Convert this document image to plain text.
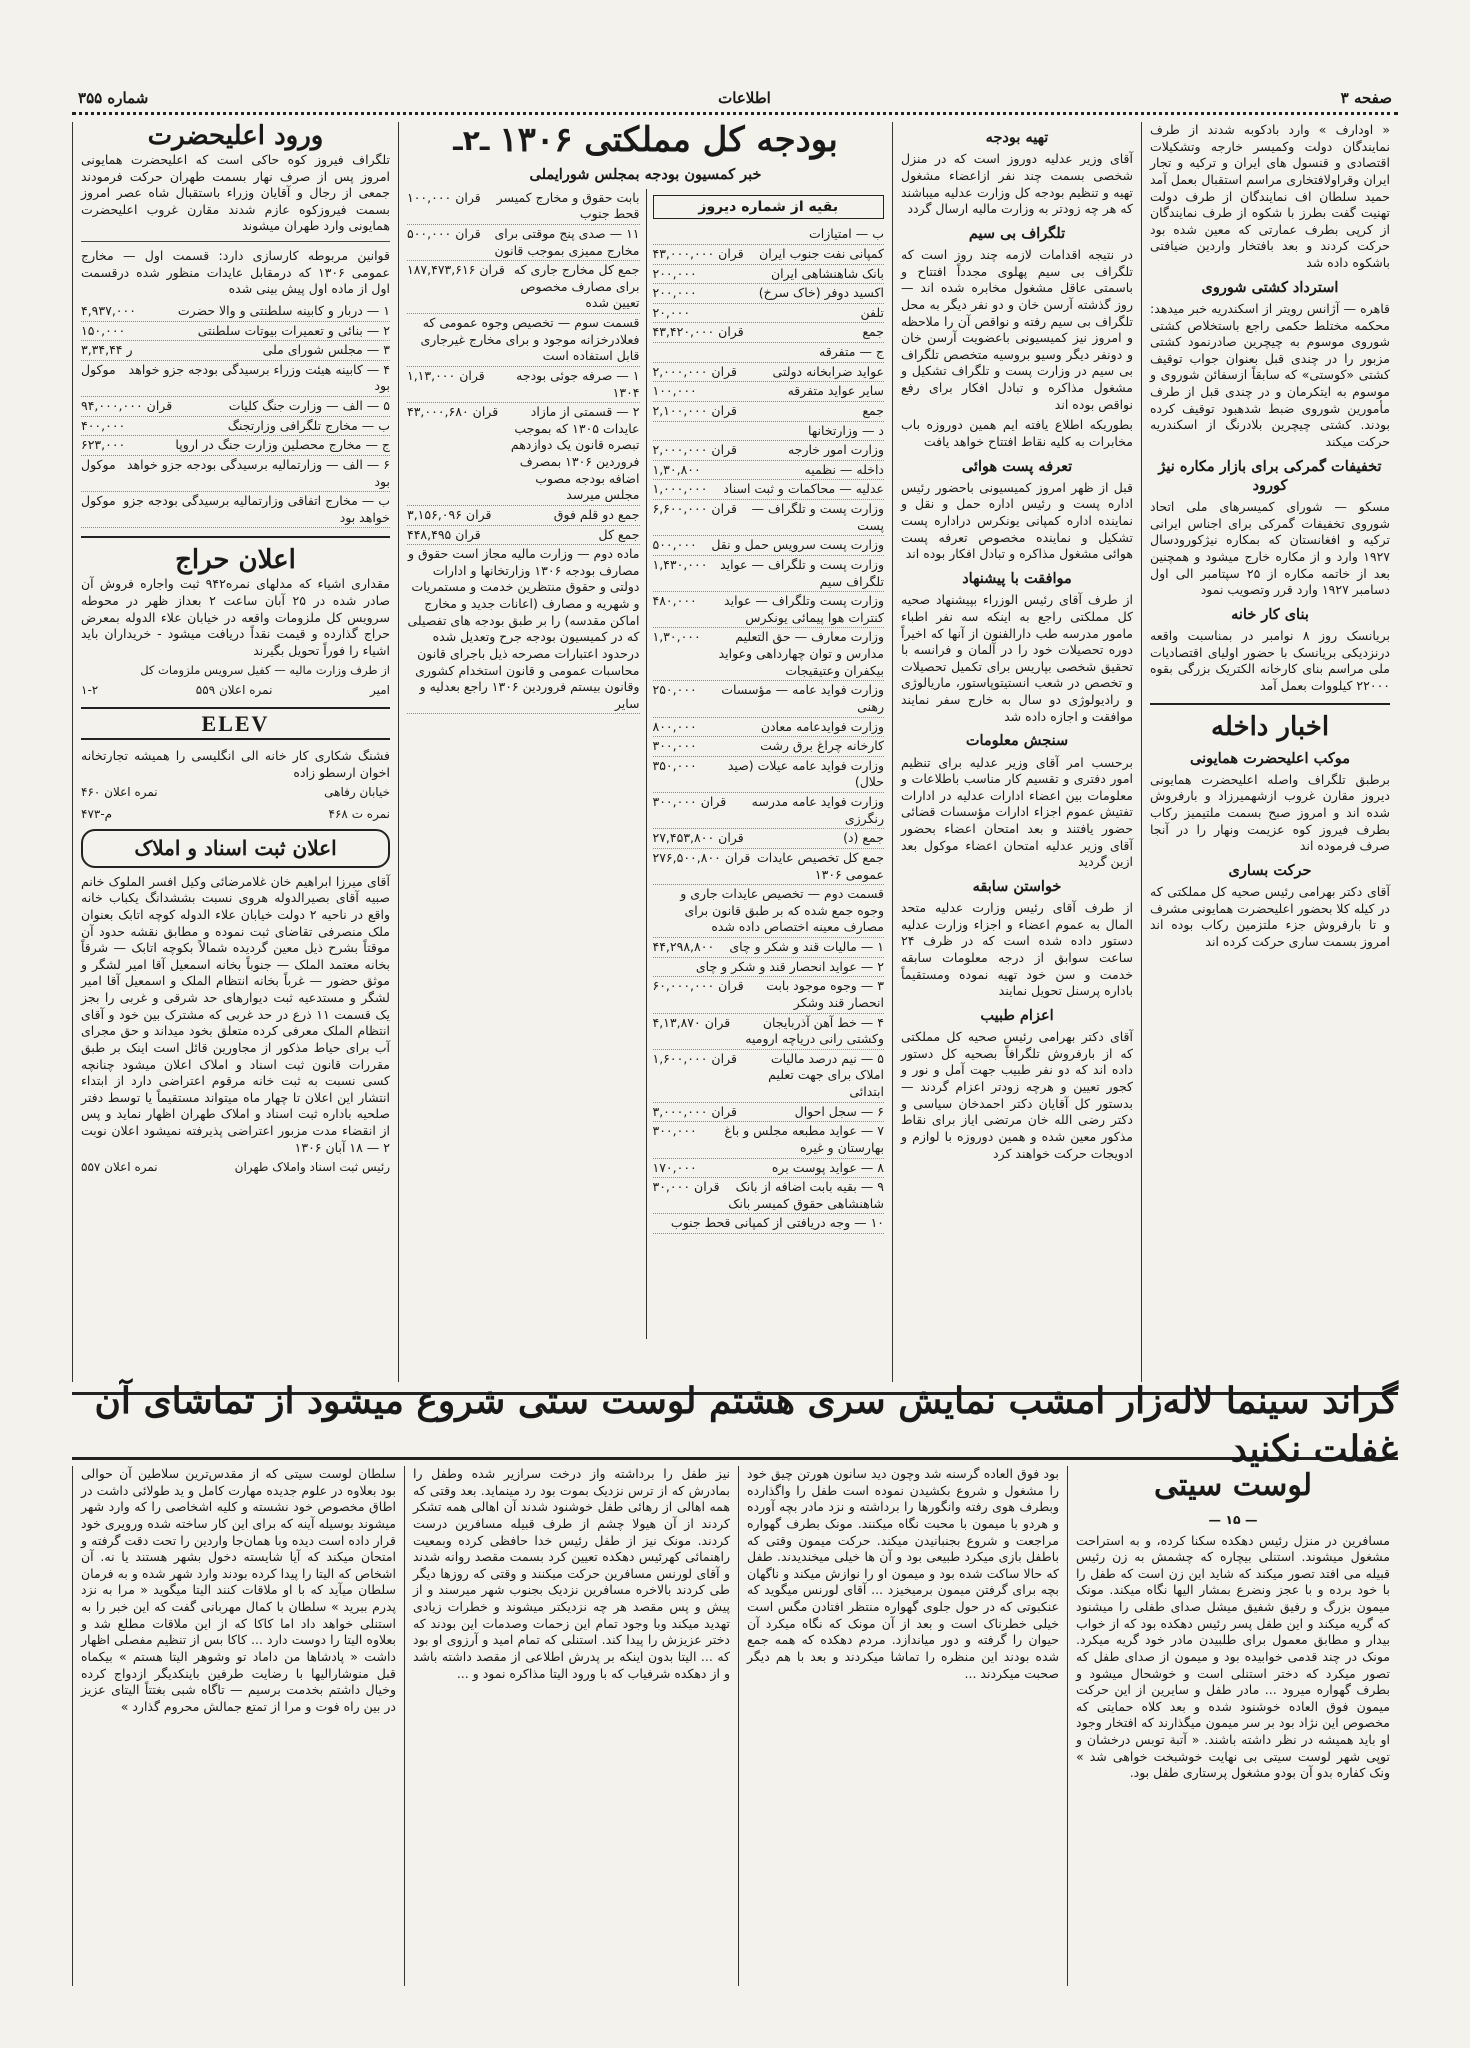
صفحه ۳
اطلاعات
شماره ۳۵۵

« اودارف » وارد بادکوبه شدند از طرف نمایندگان دولت وکمیسر خارجه وتشکیلات اقتصادی و قنسول های ایران و ترکیه و تجار ایران وقراولافتخاری مراسم استقبال بعمل آمد حمید سلطان اف نمایندگان از طرف دولت تهنیت گفت بطرز با شکوه از طرف نمایندگان از کرپی بطرف عمارتی که معین شده بود حرکت کردند و بعد بافتخار واردین ضیافتی باشکوه داده شد

استرداد کشتی شوروی

قاهره — آژانس رویتر از اسکندریه خبر میدهد: محکمه مختلط حکمی راجع باستخلاص کشتی شوروی موسوم به چیچرین صادرنمود کشتی مزبور را در چندی قبل بعنوان جواب توقیف کشتی «کوستی» که سابقاً ازسفائن شوروی و موسوم به ایتکرمان و در چندی قبل از طرف مأمورین شوروی ضبط شدهبود توقیف کرده بودند. کشتی چیچرین بلادرنگ از اسکندریه حرکت میکند

تخفیفات گمرکی برای بازار مکاره نیژ کورود

مسکو — شورای کمیسرهای ملی اتحاد شوروی تخفیفات گمرکی برای اجناس ایرانی ترکیه و افغانستان که بمکاره نیژکورودسال ۱۹۲۷ وارد و از مکاره خارج میشود و همچنین بعد از خاتمه مکاره از ۲۵ سپتامبر الی اول دسامبر ۱۹۲۷ وارد قرر وتصویب نمود

بنای کار خانه

بریانسک روز ۸ نوامبر در بمناسبت واقعه درنزدیکی بریانسک با حضور اولیای اقتصادیات ملی مراسم بنای کارخانه الکتریک بزرگی بقوه ۲۲۰۰۰ کیلووات بعمل آمد

اخبار داخله
موکب اعلیحضرت همایونی

برطبق تلگراف واصله اعلیحضرت همایونی دیروز مقارن غروب ازشهمیرزاد و بارفروش شده اند و امروز صبح بسمت ملتیمیز رکاب بطرف فیروز کوه عزیمت ونهار را در آنجا صرف فرموده اند

حرکت بساری

آقای دکتر بهرامی رئیس صحیه کل مملکتی که در کیله کلا بحضور اعلیحضرت همایونی مشرف و تا بارفروش جزء ملتزمین رکاب بوده اند امروز بسمت ساری حرکت کرده اند

تهیه بودجه

آقای وزیر عدلیه دوروز است که در منزل شخصی بسمت چند نفر ازاعضاء مشغول تهیه و تنظیم بودجه کل وزارت عدلیه میباشند که هر چه زودتر به وزارت مالیه ارسال گردد

تلگراف بی سیم

در نتیجه اقدامات لازمه چند روز است که تلگراف بی سیم پهلوی مجدداً افتتاح و باسمتی عاقل مشغول مخابره شده اند — روز گذشته آرسن خان و دو نفر دیگر به محل تلگراف بی سیم رفته و نواقص آن را ملاحظه و امروز نیز کمیسیونی باعضویت آرسن خان و دونفر دیگر وسیو بروسیه متخصص تلگراف بی سیم در وزارت پست و تلگراف تشکیل و مشغول مذاکره و تبادل افکار برای رفع نواقص بوده اند

بطوریکه اطلاع یافته ایم همین دوروزه باب مخابرات به کلیه نقاط افتتاح خواهد یافت

تعرفه پست هوائی

قبل از ظهر امروز کمیسیونی باحضور رئیس اداره پست و رئیس اداره حمل و نقل و نماینده اداره کمپانی یونکرس دراداره پست تشکیل و نماینده مخصوص تعرفه پست هوائی مشغول مذاکره و تبادل افکار بوده اند

موافقت با پیشنهاد

از طرف آقای رئیس الوزراء بپیشنهاد صحیه کل مملکتی راجع به اینکه سه نفر اطباء مامور مدرسه طب دارالفنون از آنها که اخیراً دوره تحصیلات خود را در آلمان و فرانسه با تحقیق شخصی بپاریس برای تکمیل تحصیلات و تخصص در شعب انستیتوپاستور، ماریالوژی و رادیولوژی دو سال به خارج سفر نمایند موافقت و اجازه داده شد

سنجش معلومات

برحسب امر آقای وزیر عدلیه برای تنظیم امور دفتری و تقسیم کار مناسب باطلاعات و معلومات بین اعضاء ادارات عدلیه در ادارات تفتیش عموم اجزاء ادارات مؤسسات قضائی حضور یافتند و بعد امتحان اعضاء بحضور آقای وزیر عدلیه امتحان اعضاء موکول بعد ازین گردید

خواستن سابقه

از طرف آقای رئیس وزارت عدلیه متحد المال به عموم اعضاء و اجزاء وزارت عدلیه دستور داده شده است که در ظرف ۲۴ ساعت سوابق از درجه معلومات سابقه خدمت و سن خود تهیه نموده ومستقیماً باداره پرسنل تحویل نمایند

اعزام طبیب

آقای دکتر بهرامی رئیس صحیه کل مملکتی که از بارفروش تلگرافاً بصحیه کل دستور داده اند که دو نفر طبیب جهت آمل و نور و کجور تعیین و هرچه زودتر اعزام گردند — بدستور کل آقایان دکتر احمدخان سیاسی و دکتر رضی الله خان مرتضی ایاز برای نقاط مذکور معین شده و همین دوروزه با لوازم و ادویجات حرکت خواهند کرد

بودجه کل مملکتی ۱۳۰۶
ـ۲ـ
خبر کمسیون بودجه بمجلس شورایملی
بقیه از شماره دیروز
ب — امتیازات
کمپانی نفت جنوب ایران
۴۳,۰۰۰,۰۰۰ قران
بانک شاهنشاهی ایران
۲۰۰,۰۰۰
اکسید دوفر (خاک سرخ)
۲۰۰,۰۰۰
تلفن
۲۰,۰۰۰
جمع
۴۳,۴۲۰,۰۰۰ قران
ج — متفرقه
عواید ضرابخانه دولتی
۲,۰۰۰,۰۰۰ قران
سایر عواید متفرقه
۱۰۰,۰۰۰
جمع
۲,۱۰۰,۰۰۰ قران
د — وزارتخانها
وزارت امور خارجه
۲,۰۰۰,۰۰۰ قران
داخله — نظمیه
۱,۳۰,۸۰۰
عدلیه — محاکمات و ثبت اسناد
۱,۰۰۰,۰۰۰
وزارت پست و تلگراف — پست
۶,۶۰۰,۰۰۰ قران
وزارت پست سرویس حمل و نقل
۵۰۰,۰۰۰
وزارت پست و تلگراف — عواید تلگراف سیم
۱,۴۳۰,۰۰۰
وزارت پست وتلگراف — عواید کنترات هوا پیمائی یونکرس
۴۸۰,۰۰۰
وزارت معارف — حق التعلیم مدارس و توان چهارداهی وعواید بیکفران وعتیقیجات
۱,۳۰,۰۰۰
وزارت فواید عامه — مؤسسات رهنی
۲۵۰,۰۰۰
وزارت فوایدعامه معادن
۸۰۰,۰۰۰
کارخانه چراغ برق رشت
۳۰۰,۰۰۰
وزارت فواید عامه عیلات (صید حلال)
۳۵۰,۰۰۰
وزارت فواید عامه مدرسه رنگرزی
۳۰۰,۰۰۰ قران
جمع (د)
۲۷,۴۵۳,۸۰۰ قران
جمع کل تخصیص عایدات عمومی ۱۳۰۶
۲۷۶,۵۰۰,۸۰۰ قران
قسمت دوم — تخصیص عایدات جاری و وجوه جمع شده که بر طبق قانون برای مصارف معینه اختصاص داده شده
۱ — مالیات قند و شکر و چای
۴۴,۲۹۸,۸۰۰
۲ — عواید انحصار قند و شکر و چای
۳ — وجوه موجود بابت انحصار قند وشکر
۶۰,۰۰۰,۰۰۰ قران
۴ — خط آهن آذربایجان وکشتی رانی دریاچه ارومیه
۴,۱۳,۸۷۰ قران
۵ — نیم درصد مالیات املاک برای جهت تعلیم ابتدائی
۱,۶۰۰,۰۰۰ قران
۶ — سجل احوال
۳,۰۰۰,۰۰۰ قران
۷ — عواید مطبعه مجلس و باغ بهارستان و غیره
۳۰۰,۰۰۰
۸ — عواید پوست بره
۱۷۰,۰۰۰
۹ — بقیه بابت اضافه از بانک شاهنشاهی حقوق کمیسر بانک
۳۰,۰۰۰ قران
۱۰ — وجه دریافتی از کمپانی قحط جنوب
بابت حقوق و مخارج کمیسر قحط جنوب
۱۰۰,۰۰۰ قران
۱۱ — صدی پنج موقتی برای مخارج ممیزی بموجب قانون
۵۰۰,۰۰۰ قران
جمع کل مخارج جاری که برای مصارف مخصوص تعیین شده
۱۸۷,۴۷۳,۶۱۶ قران
قسمت سوم — تخصیص وجوه عمومی که فعلادرخزانه موجود و برای مخارج غیرجاری قابل استفاده است
۱ — صرفه جوئی بودجه ۱۳۰۴
۱,۱۳,۰۰۰ قران
۲ — قسمتی از مازاد عایدات ۱۳۰۵ که بموجب تبصره قانون یک دوازدهم فروردین ۱۳۰۶ بمصرف اضافه بودجه مصوب مجلس میرسد
۴۳,۰۰۰,۶۸۰ قران
جمع دو قلم فوق
۳,۱۵۶,۰۹۶ قران
جمع کل
۴۴۸,۴۹۵ قران
ماده دوم — وزارت مالیه مجاز است حقوق و مصارف بودجه ۱۳۰۶ وزارتخانها و ادارات دولتی و حقوق منتظرین خدمت و مستمریات و شهریه و مصارف (اعانات جدید و مخارج اماکن مقدسه) را بر طبق بودجه های تفصیلی که در کمیسیون بودجه جرح وتعدیل شده درحدود اعتبارات مصرحه ذیل باجرای قانون محاسبات عمومی و قانون استخدام کشوری وقانون بیستم فروردین ۱۳۰۶ راجع بعدلیه و سایر
ورود اعلیحضرت

تلگراف فیروز کوه حاکی است که اعلیحضرت همایونی امروز پس از صرف نهار بسمت طهران حرکت فرمودند جمعی از رجال و آقایان وزراء باستقبال شاه عصر امروز بسمت فیروزکوه عازم شدند مقارن غروب اعلیحضرت همایونی وارد طهران میشوند

قوانین مربوطه کارسازی دارد: قسمت اول — مخارج عمومی ۱۳۰۶ که درمقابل عایدات منظور شده درقسمت اول از ماده اول پیش بینی شده

۱ — دربار و کابینه سلطنتی و والا حضرت
۴,۹۳۷,۰۰۰
۲ — بنائی و تعمیرات بیوتات سلطنتی
۱۵۰,۰۰۰
۳ — مجلس شورای ملی
۳,۳۴,۴۴ ر
۴ — کابینه هیئت وزراء برسیدگی بودجه جزو خواهد بود
موکول
۵ — الف — وزارت جنگ کلیات
۹۴,۰۰۰,۰۰۰ قران
ب — مخارج تلگرافی وزارتجنگ
۴۰۰,۰۰۰
ج — مخارج محصلین وزارت جنگ در اروپا
۶۲۳,۰۰۰
۶ — الف — وزارتمالیه برسیدگی بودجه جزو خواهد بود
موکول
ب — مخارج اتفاقی وزارتمالیه برسیدگی بودجه جزو خواهد بود
موکول
اعلان حراج

مقداری اشیاء که مدلهای نمره۹۴۲ ثبت واجاره فروش آن صادر شده در ۲۵ آبان ساعت ۲ بعداز ظهر در محوطه سرویس کل ملزومات واقعه در خیابان علاء الدوله بمعرض حراج گذارده و قیمت نقداً دریافت میشود - خریداران باید اشیاء را فوراً تحویل بگیرند

از طرف وزارت مالیه — کفیل سرویس ملزومات کل

امیر
نمره اعلان ۵۵۹
۱-۲
ELEV

فشنگ شکاری کار خانه الی انگلیسی را همیشه تجارتخانه اخوان ارسطو زاده

خیابان رفاهی
نمره اعلان ۴۶۰
نمره ت ۴۶۸
م-۴۷۳
اعلان ثبت اسناد و املاک

آقای میرزا ابراهیم خان غلامرضائی وکیل افسر الملوک خانم صبیه آقای بصیرالدوله هروی نسبت بششدانگ یکباب خانه واقع در ناحیه ۲ دولت خیابان علاء الدوله کوچه اتابک بعنوان ملک منصرفی تقاضای ثبت نموده و مطابق نقشه حدود آن موقتاً بشرح ذیل معین گردیده شمالاً بکوچه اتابک — شرقاً بخانه معتمد الملک — جنوباً بخانه اسمعیل آقا امیر لشگر و موثق حضور — غرباً بخانه انتظام الملک و اسمعیل آقا امیر لشگر و مستدعیه ثبت دیوارهای حد شرقی و غربی را بجز یک قسمت ۱۱ ذرع در حد غربی که مشترک بین خود و آقای انتظام الملک معرفی کرده متعلق بخود میداند و حق مجرای آب برای حیاط مذکور از مجاورین قائل است اینک بر طبق مقررات قانون ثبت اسناد و املاک اعلان میشود چنانچه کسی نسبت به ثبت خانه مرقوم اعتراضی دارد از ابتداء انتشار این اعلان تا چهار ماه میتواند مستقیماً یا توسط دفتر صلحیه باداره ثبت اسناد و املاک طهران اظهار نماید و پس از انقضاء مدت مزبور اعتراضی پذیرفته نمیشود اعلان نوبت ۲ — ۱۸ آبان ۱۳۰۶

رئیس ثبت اسناد واملاک طهران
نمره اعلان ۵۵۷
گراند سینما لاله‌زار امشب نمایش سری هشتم لوست ستی شروع میشود از تماشای آن غفلت نکنید
لوست سیتی
— ۱۵ —

مسافرین در منزل رئیس دهکده سکنا کرده، و به استراحت مشغول میشوند. استنلی بیچاره که چشمش به زن رئیس قبیله می افتد تصور میکند که شاید این زن است که طفل را با خود برده و با عجز ونضرع بمشار الیها نگاه میکند. مونک میمون بزرگ و رفیق شفیق میشل صدای طفلی را میشنود که گریه میکند و این طفل پسر رئیس دهکده بود که از خواب بیدار و مطابق معمول برای طلبیدن مادر خود گریه میکرد. مونک در چند قدمی خوابیده بود و میمون از صدای طفل که تصور میکرد که دختر استنلی است و خوشحال میشود و بطرف گهواره میرود ... مادر طفل و سایرین از این حرکت میمون فوق العاده خوشنود شده و بعد کلاه حمایتی که مخصوص این نژاد بود بر سر میمون میگذارند که افتخار وجود او باید همیشه در نظر داشته باشند. « آتبة توبس درخشان و توپی شهر لوست سیتی بی نهایت خوشبخت خواهی شد » ونک کفاره بدو آن بودو مشغول پرستاری طفل بود.

بود فوق العاده گرسنه شد وچون دید سانون هورتن چیق خود را مشغول و شروع بکشیدن نموده است طفل را واگذارده وبطرف هوی رفته وانگورها را برداشته و نزد مادر بچه آورده و هردو با میمون با محبت نگاه میکنند. مونک بطرف گهواره مراجعت و شروع بجنبانیدن میکند. حرکت میمون وقتی که باطفل بازی میکرد طبیعی بود و آن ها خیلی میخندیدند. طفل که حالا ساکت شده بود و میمون او را نوازش میکند و ناگهان بچه برای گرفتن میمون برمیخیزد ... آقای لورنس میگوید که عنکبوتی که در حول جلوی گهواره منتظر افتادن مگس است خیلی خطرناک است و بعد از آن مونک که نگاه میکرد آن حیوان را گرفته و دور میاندازد. مردم دهکده که همه جمع شده بودند این منظره را تماشا میکردند و بعد با هم دیگر صحبت میکردند ...

نیز طفل را برداشته واز درخت سرازیر شده وطفل را بمادرش که از ترس نزدیک بموت بود رد مینماید. بعد وقتی که همه اهالی از رهائی طفل خوشنود شدند آن اهالی همه تشکر کردند از آن هیولا چشم از طرف قبیله مسافرین درست کردند. مونک نیز از طفل رئیس خدا حافظی کرده وبمعیت راهنمائی کهرئیس دهکده تعیین کرد بسمت مقصد روانه شدند و آقای لورنس مسافرین حرکت میکنند و وقتی که روزها دیگر طی کردند بالاخره مسافرین نزدیک بجنوب شهر میرسند و از پیش و پس مقصد هر چه نزدیکتر میشوند و خطرات زیادی تهدید میکند وبا وجود تمام این زحمات وصدمات این بودند که دختر عزیزش را پیدا کند. استنلی که تمام امید و آرزوی او بود که ... الیتا بدون اینکه بر پدرش اطلاعی از مقصد داشته باشد و از دهکده شرفیاب که با ورود الیتا مذاکره نمود و ...

سلطان لوست سیتی که از مقدس‌ترین سلاطین آن حوالی بود بعلاوه در علوم جدیده مهارت کامل و ید طولائی داشت در اطاق مخصوص خود نشسته و کلیه اشخاصی را که وارد شهر میشوند بوسیله آینه که برای این کار ساخته شده ورویری خود قرار داده است دیده وبا همان‌جا واردین را تحت دقت گرفته و امتحان میکند که آیا شایسته دخول بشهر هستند یا نه. آن اشخاص که الیتا را پیدا کرده بودند وارد شهر شده و به فرمان سلطان میآید که با او ملاقات کنند الیتا میگوید « مرا به نزد پدرم ببرید » سلطان با کمال مهربانی گفت که این خبر را به استنلی خواهد داد اما کاکا که از این ملاقات مطلع شد و بعلاوه الیتا را دوست دارد ... کاکا بس از تنظیم مفصلی اظهار داشت « پادشاها من داماد تو وشوهر الیتا هستم » بیکماه قبل منوشاراليها با رضایت طرفین باینکدیگر ازدواج کرده وخیال داشتم بخدمت برسیم — تاگاه شبی بغتتاً الیتای عزیز در بین راه فوت و مرا از تمتع جمالش محروم گذارد »
